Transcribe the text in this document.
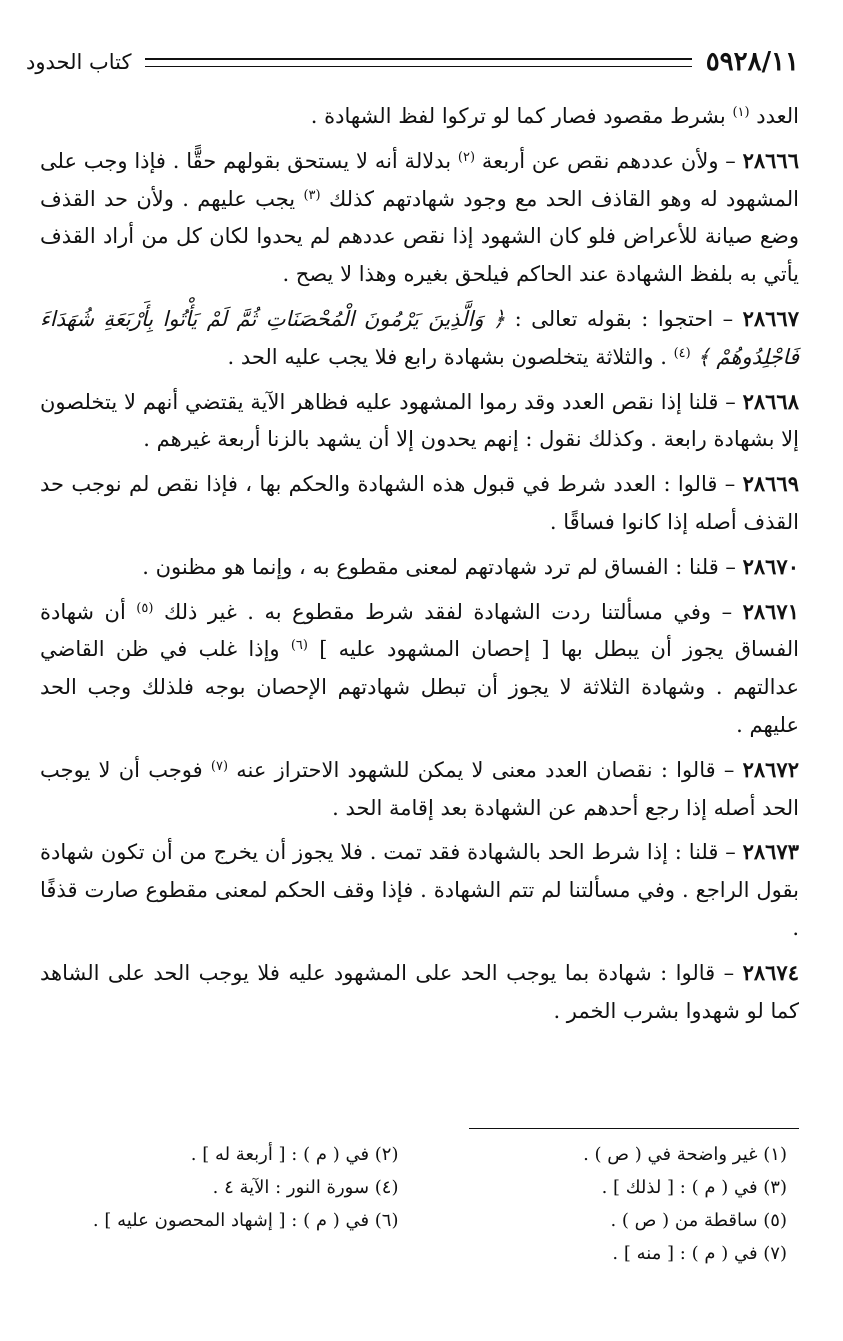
٥٩٢٨/١١
كتاب الحدود

العدد $^{(١)}$ بشرط مقصود فصار كما لو تركوا لفظ الشهادة .

٢٨٦٦٦ – ولأن عددهم نقص عن أربعة $^{(٢)}$ بدلالة أنه لا يستحق بقولهم حقًّا . فإذا وجب على المشهود له وهو القاذف الحد مع وجود شهادتهم كذلك $^{(٣)}$ يجب عليهم . ولأن حد القذف وضع صيانة للأعراض فلو كان الشهود إذا نقص عددهم لم يحدوا لكان كل من أراد القذف يأتي به بلفظ الشهادة عند الحاكم فيلحق بغيره وهذا لا يصح .

٢٨٦٦٧ – احتجوا : بقوله تعالى : ﴿ وَالَّذِينَ يَرْمُونَ الْمُحْصَنَاتِ ثُمَّ لَمْ يَأْتُوا بِأَرْبَعَةِ شُهَدَاءَ فَاجْلِدُوهُمْ ﴾ $^{(٤)}$ . والثلاثة يتخلصون بشهادة رابع فلا يجب عليه الحد .

٢٨٦٦٨ – قلنا إذا نقص العدد وقد رموا المشهود عليه فظاهر الآية يقتضي أنهم لا يتخلصون إلا بشهادة رابعة . وكذلك نقول : إنهم يحدون إلا أن يشهد بالزنا أربعة غيرهم .

٢٨٦٦٩ – قالوا : العدد شرط في قبول هذه الشهادة والحكم بها ، فإذا نقص لم نوجب حد القذف أصله إذا كانوا فساقًا .

٢٨٦٧٠ – قلنا : الفساق لم ترد شهادتهم لمعنى مقطوع به ، وإنما هو مظنون .

٢٨٦٧١ – وفي مسألتنا ردت الشهادة لفقد شرط مقطوع به . غير ذلك $^{(٥)}$ أن شهادة الفساق يجوز أن يبطل بها [ إحصان المشهود عليه ] $^{(٦)}$ وإذا غلب في ظن القاضي عدالتهم . وشهادة الثلاثة لا يجوز أن تبطل شهادتهم الإحصان بوجه فلذلك وجب الحد عليهم .

٢٨٦٧٢ – قالوا : نقصان العدد معنى لا يمكن للشهود الاحتراز عنه $^{(٧)}$ فوجب أن لا يوجب الحد أصله إذا رجع أحدهم عن الشهادة بعد إقامة الحد .

٢٨٦٧٣ – قلنا : إذا شرط الحد بالشهادة فقد تمت . فلا يجوز أن يخرج من أن تكون شهادة بقول الراجع . وفي مسألتنا لم تتم الشهادة . فإذا وقف الحكم لمعنى مقطوع صارت قذفًا .

٢٨٦٧٤ – قالوا : شهادة بما يوجب الحد على المشهود عليه فلا يوجب الحد على الشاهد كما لو شهدوا بشرب الخمر .

(١) غير واضحة في ( ص ) .
(٢) في ( م ) : [ أربعة له ] .
(٣) في ( م ) : [ لذلك ] .
(٤) سورة النور : الآية ٤ .
(٥) ساقطة من ( ص ) .
(٦) في ( م ) : [ إشهاد المحصون عليه ] .
(٧) في ( م ) : [ منه ] .
